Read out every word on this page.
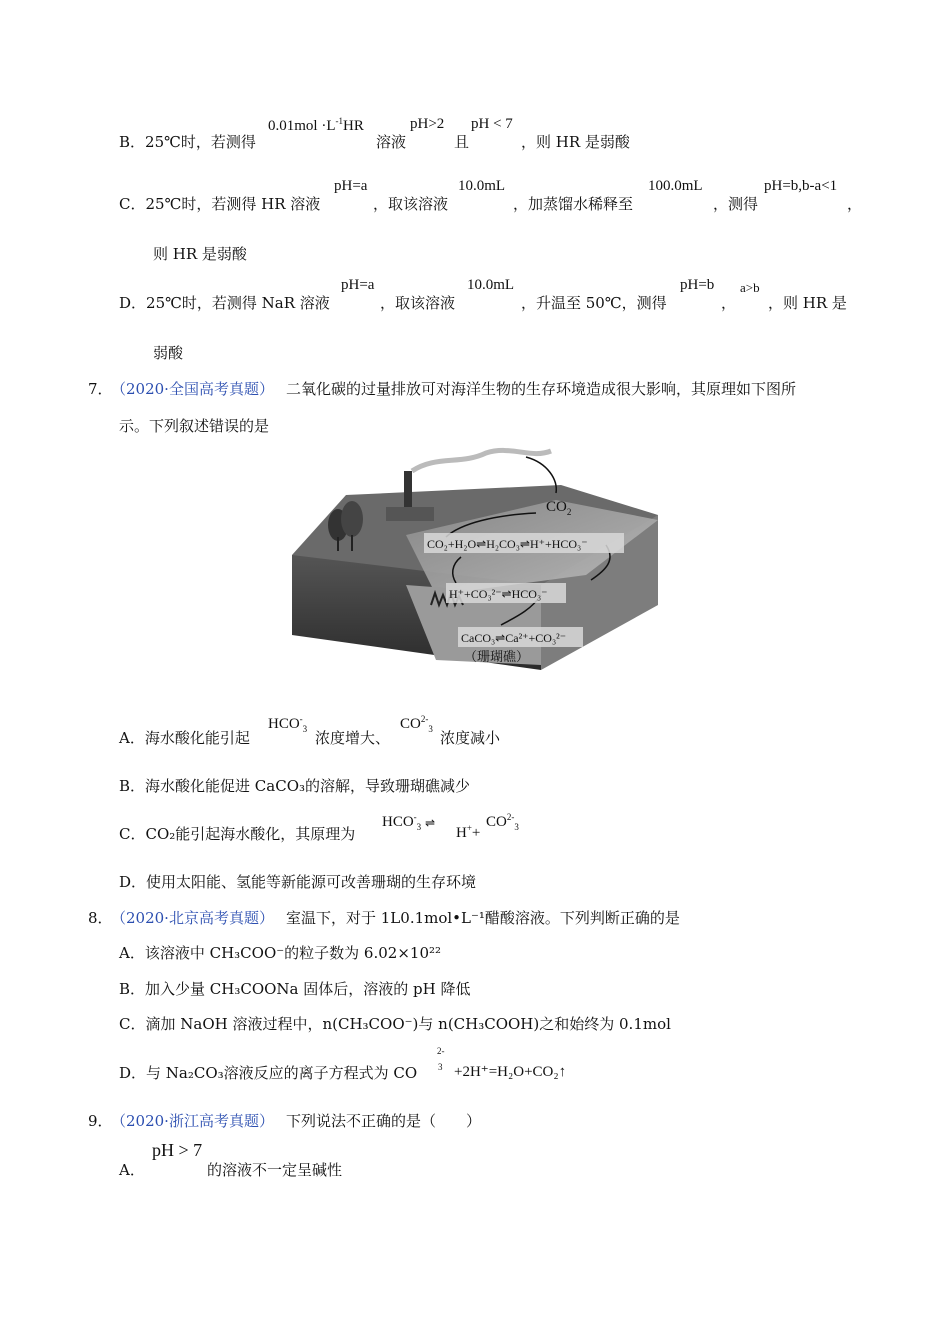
B．25℃时，若测得
$0.01mol \cdot L^{-1}HR$
溶液
pH>2
且
pH < 7
，则 HR 是弱酸
C．25℃时，若测得 HR 溶液
pH=a
，取该溶液
10.0mL
，加蒸馏水稀释至
100.0mL
，测得
pH=b,b-a<1
，
则 HR 是弱酸
D．25℃时，若测得 NaR 溶液
pH=a
，取该溶液
10.0mL
，升温至 50℃，测得
pH=b
，
a>b
，则 HR 是
弱酸
7．
（2020·全国高考真题） 二氧化碳的过量排放可对海洋生物的生存环境造成很大影响，其原理如下图所
示。下列叙述错误的是
$CO_2$
CO₂+H₂O⇌H₂CO₃⇌H⁺+HCO₃⁻
H⁺+CO₃²⁻⇌HCO₃⁻
CaCO₃⇌Ca²⁺+CO₃²⁻
（珊瑚礁）
A．海水酸化能引起
$HCO^-_3$ 浓度增大、
$CO^{2-}_3$ 浓度减小
B．海水酸化能促进 CaCO₃的溶解，导致珊瑚礁减少
C．CO₂能引起海水酸化，其原理为
$HCO^-_3$ ⇌
H++
$CO^{2-}_3$
D．使用太阳能、氢能等新能源可改善珊瑚的生存环境
8．
（2020·北京高考真题） 室温下，对于 1L0.1mol•L⁻¹醋酸溶液。下列判断正确的是
A．该溶液中 CH₃COO⁻的粒子数为 6.02×10²²
B．加入少量 CH₃COONa 固体后，溶液的 pH 降低
C．滴加 NaOH 溶液过程中，n(CH₃COO⁻)与 n(CH₃COOH)之和始终为 0.1mol
D．与 Na₂CO₃溶液反应的离子方程式为 CO
2-
3 +2H⁺=H₂O+CO₂↑
9．
（2020·浙江高考真题） 下列说法不正确的是（　　）
A．
pH > 7
的溶液不一定呈碱性
